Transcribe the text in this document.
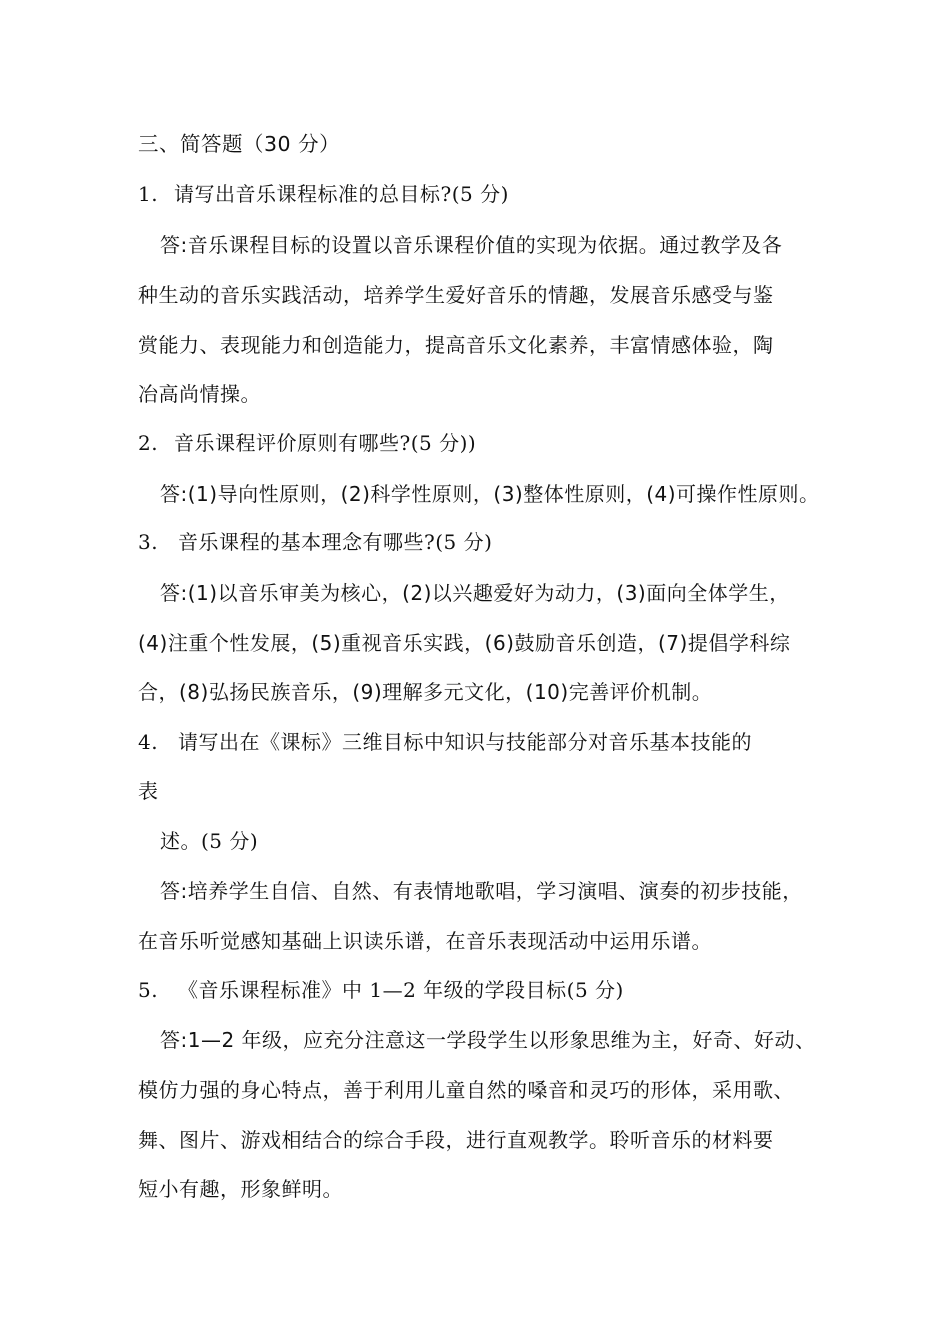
三、简答题（30 分）
1. 请写出音乐课程标准的总目标?(5 分)
答:音乐课程目标的设置以音乐课程价值的实现为依据。通过教学及各
种生动的音乐实践活动，培养学生爱好音乐的情趣，发展音乐感受与鉴
赏能力、表现能力和创造能力，提高音乐文化素养，丰富情感体验，陶
冶高尚情操。
2. 音乐课程评价原则有哪些?(5 分))
答:(1)导向性原则，(2)科学性原则，(3)整体性原则，(4)可操作性原则。
3. 音乐课程的基本理念有哪些?(5 分)
答:(1)以音乐审美为核心，(2)以兴趣爱好为动力，(3)面向全体学生，
(4)注重个性发展，(5)重视音乐实践，(6)鼓励音乐创造，(7)提倡学科综
合，(8)弘扬民族音乐，(9)理解多元文化，(10)完善评价机制。
4. 请写出在《课标》三维目标中知识与技能部分对音乐基本技能的
表
述。(5 分)
答:培养学生自信、自然、有表情地歌唱，学习演唱、演奏的初步技能，
在音乐听觉感知基础上识读乐谱，在音乐表现活动中运用乐谱。
5. 《音乐课程标准》中 1—2 年级的学段目标(5 分)
答:1—2 年级，应充分注意这一学段学生以形象思维为主，好奇、好动、
模仿力强的身心特点，善于利用儿童自然的嗓音和灵巧的形体，采用歌、
舞、图片、游戏相结合的综合手段，进行直观教学。聆听音乐的材料要
短小有趣，形象鲜明。
